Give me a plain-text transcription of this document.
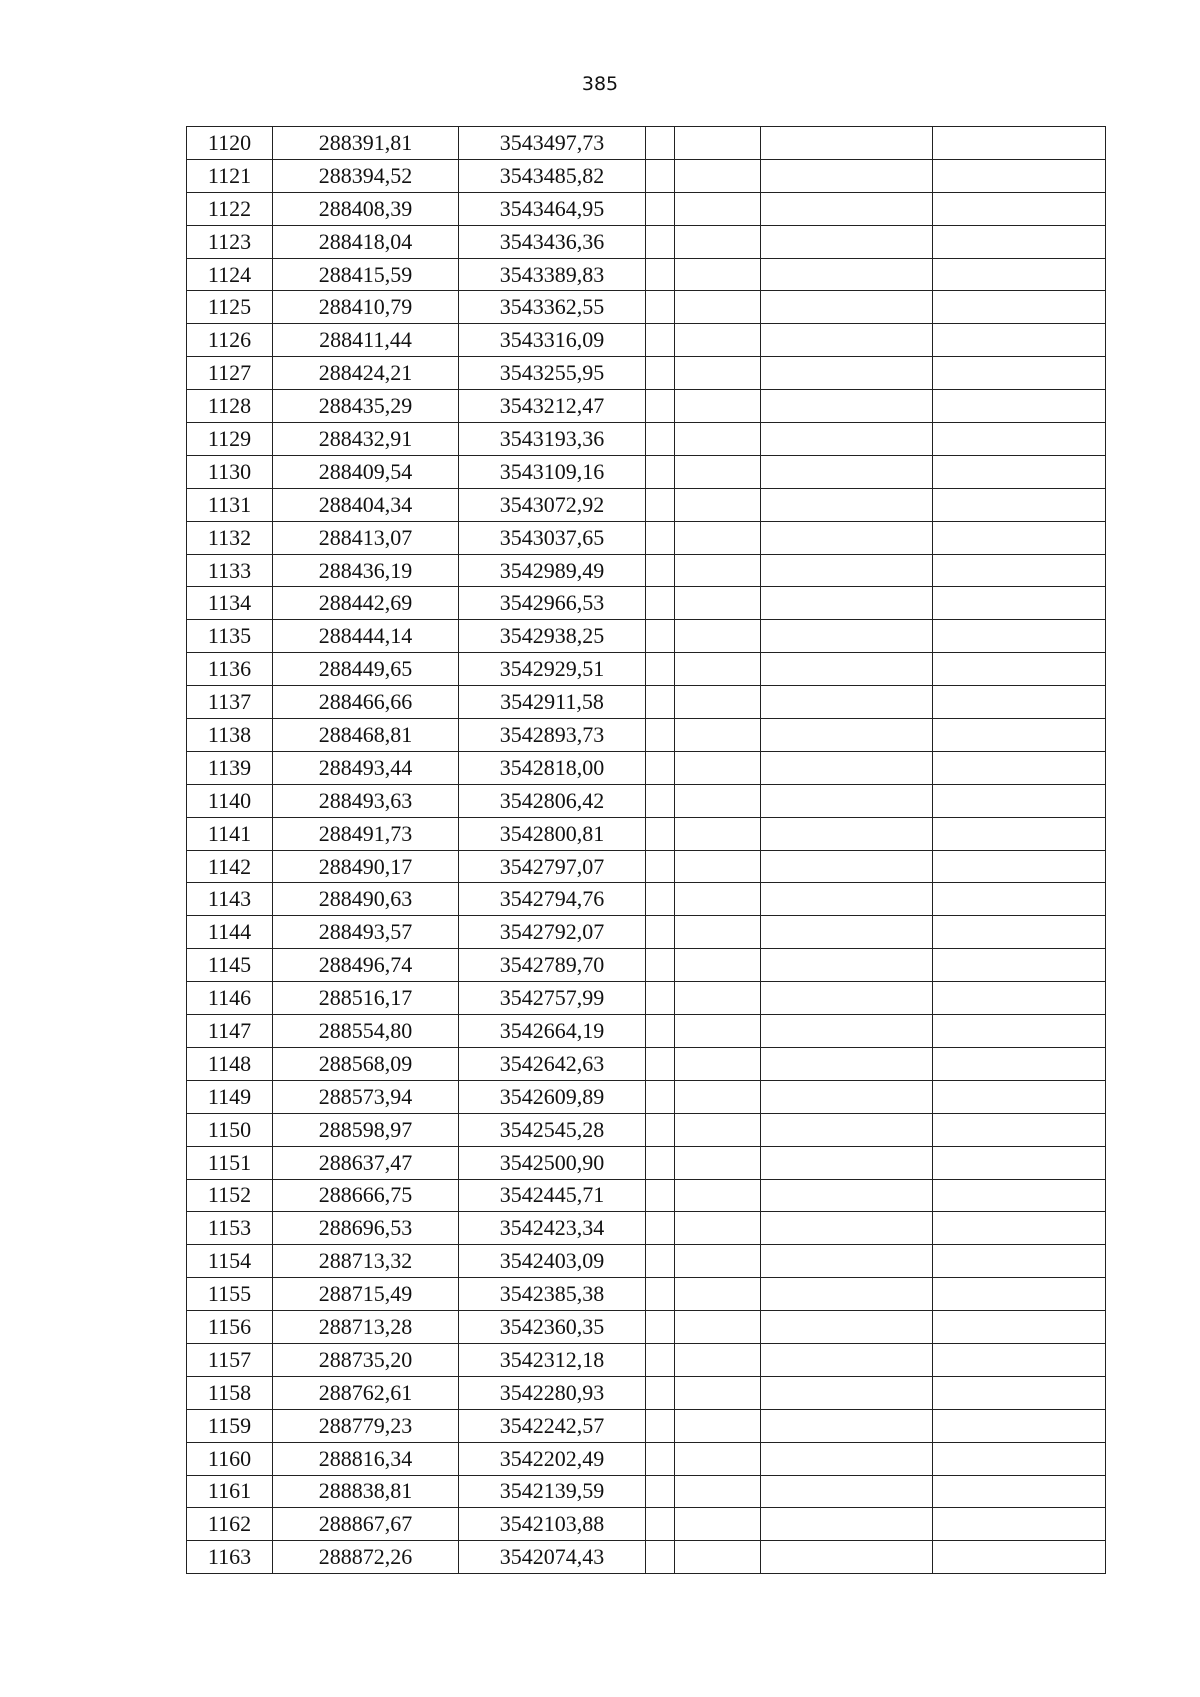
385
1120	288391,81	3543497,73				
1121	288394,52	3543485,82				
1122	288408,39	3543464,95				
1123	288418,04	3543436,36				
1124	288415,59	3543389,83				
1125	288410,79	3543362,55				
1126	288411,44	3543316,09				
1127	288424,21	3543255,95				
1128	288435,29	3543212,47				
1129	288432,91	3543193,36				
1130	288409,54	3543109,16				
1131	288404,34	3543072,92				
1132	288413,07	3543037,65				
1133	288436,19	3542989,49				
1134	288442,69	3542966,53				
1135	288444,14	3542938,25				
1136	288449,65	3542929,51				
1137	288466,66	3542911,58				
1138	288468,81	3542893,73				
1139	288493,44	3542818,00				
1140	288493,63	3542806,42				
1141	288491,73	3542800,81				
1142	288490,17	3542797,07				
1143	288490,63	3542794,76				
1144	288493,57	3542792,07				
1145	288496,74	3542789,70				
1146	288516,17	3542757,99				
1147	288554,80	3542664,19				
1148	288568,09	3542642,63				
1149	288573,94	3542609,89				
1150	288598,97	3542545,28				
1151	288637,47	3542500,90				
1152	288666,75	3542445,71				
1153	288696,53	3542423,34				
1154	288713,32	3542403,09				
1155	288715,49	3542385,38				
1156	288713,28	3542360,35				
1157	288735,20	3542312,18				
1158	288762,61	3542280,93				
1159	288779,23	3542242,57				
1160	288816,34	3542202,49				
1161	288838,81	3542139,59				
1162	288867,67	3542103,88				
1163	288872,26	3542074,43				
